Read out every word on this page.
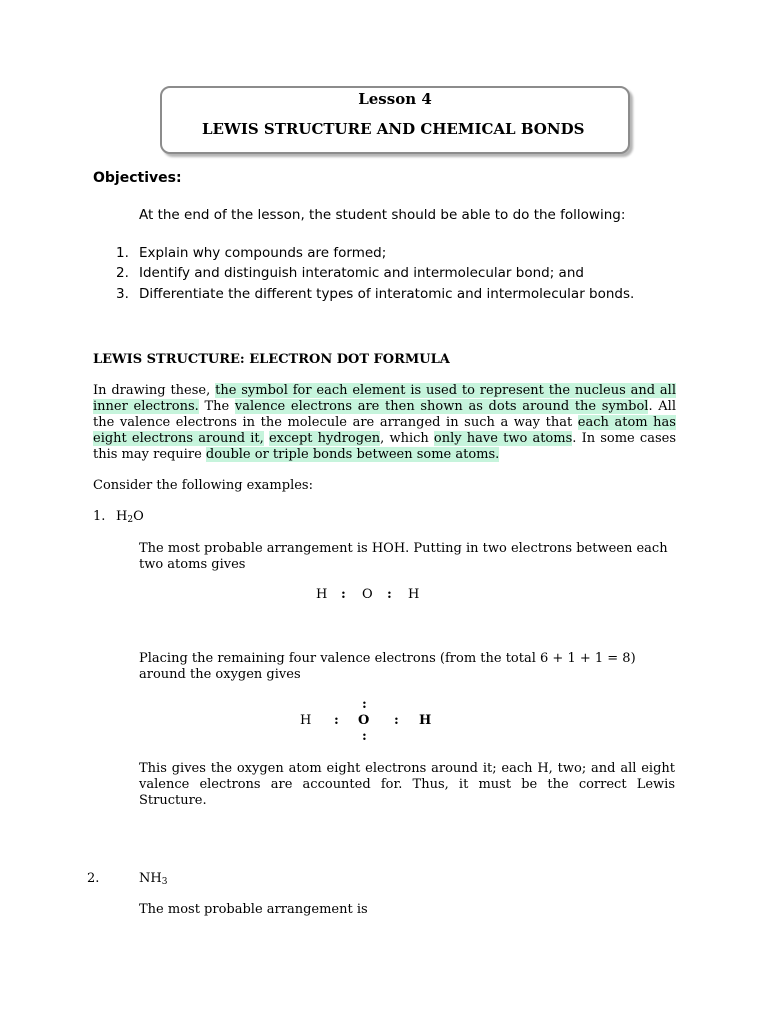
Lesson 4
LEWIS STRUCTURE AND CHEMICAL BONDS
Objectives:
At the end of the lesson, the student should be able to do the following:
1. Explain why compounds are formed;
2. Identify and distinguish interatomic and intermolecular bond; and
3. Differentiate the different types of interatomic and intermolecular bonds.
LEWIS STRUCTURE: ELECTRON DOT FORMULA
In drawing these, the symbol for each element is used to represent the nucleus and all inner electrons. The valence electrons are then shown as dots around the symbol. All the valence electrons in the molecule are arranged in such a way that each atom has eight electrons around it, except hydrogen, which only have two atoms. In some cases this may require double or triple bonds between some atoms.
Consider the following examples:
1. $H_2O$
The most probable arrangement is HOH. Putting in two electrons between each two atoms gives
H : O : H
Placing the remaining four valence electrons (from the total 6 + 1 + 1 = 8) around the oxygen gives
:
H : O : H
:
This gives the oxygen atom eight electrons around it; each H, two; and all eight valence electrons are accounted for. Thus, it must be the correct Lewis Structure.
2.	$NH_3$
The most probable arrangement is
